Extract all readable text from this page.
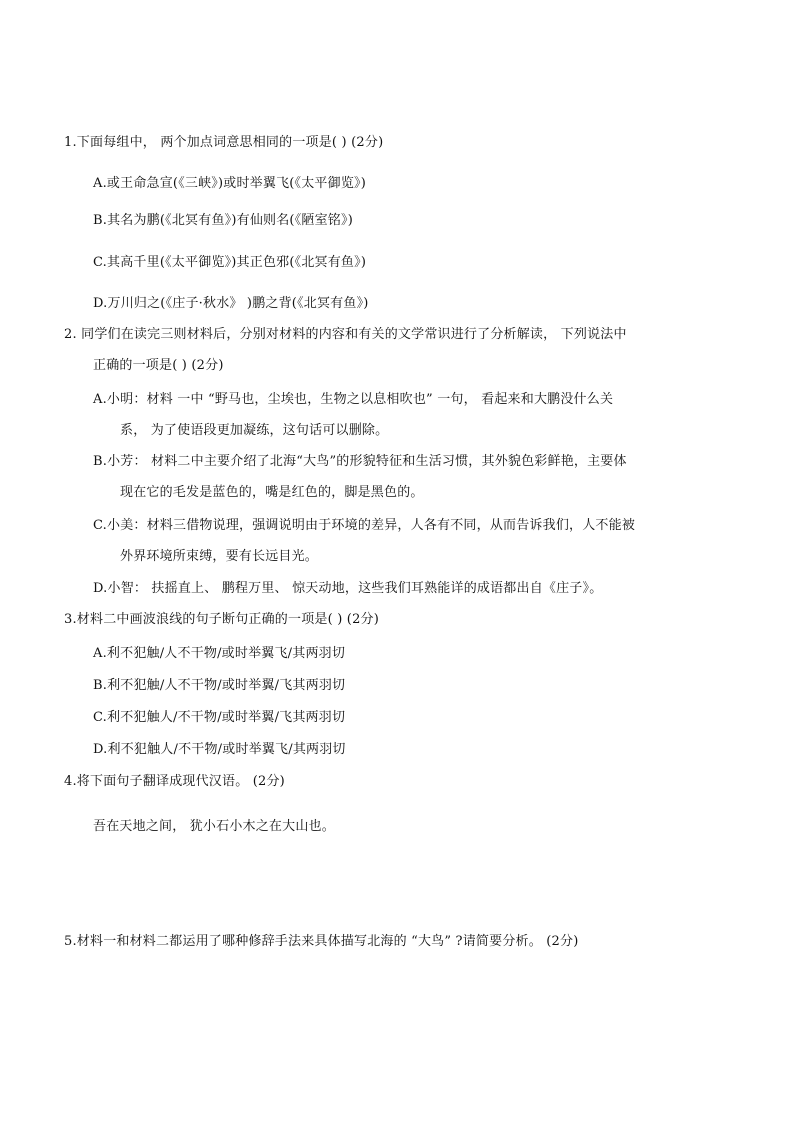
1.下面每组中， 两个加点词意思相同的一项是( ) (2分)
A.或王命急宣(《三峡》)或时举翼飞(《太平御览》)
B.其名为鹏(《北冥有鱼》)有仙则名(《陋室铭》)
C.其高千里(《太平御览》)其正色邪(《北冥有鱼》)
D.万川归之(《庄子·秋水》 )鹏之背(《北冥有鱼》)
2. 同学们在读完三则材料后，分别对材料的内容和有关的文学常识进行了分析解读， 下列说法中
正确的一项是( ) (2分)
A.小明：材料 一中 “野马也，尘埃也，生物之以息相吹也” 一句， 看起来和大鹏没什么关
系， 为了使语段更加凝练，这句话可以删除。
B.小芳： 材料二中主要介绍了北海“大鸟”的形貌特征和生活习惯，其外貌色彩鲜艳，主要体
现在它的毛发是蓝色的，嘴是红色的，脚是黑色的。
C.小美：材料三借物说理，强调说明由于环境的差异，人各有不同，从而告诉我们，人不能被
外界环境所束缚，要有长远目光。
D.小智： 扶摇直上、 鹏程万里、 惊天动地，这些我们耳熟能详的成语都出自《庄子》。
3.材料二中画波浪线的句子断句正确的一项是( ) (2分)
A.利不犯触/人不干物/或时举翼飞/其两羽切
B.利不犯触/人不干物/或时举翼/飞其两羽切
C.利不犯触人/不干物/或时举翼/飞其两羽切
D.利不犯触人/不干物/或时举翼飞/其两羽切
4.将下面句子翻译成现代汉语。 (2分)
吾在天地之间， 犹小石小木之在大山也。
5.材料一和材料二都运用了哪种修辞手法来具体描写北海的 “大鸟” ?请简要分析。 (2分)
